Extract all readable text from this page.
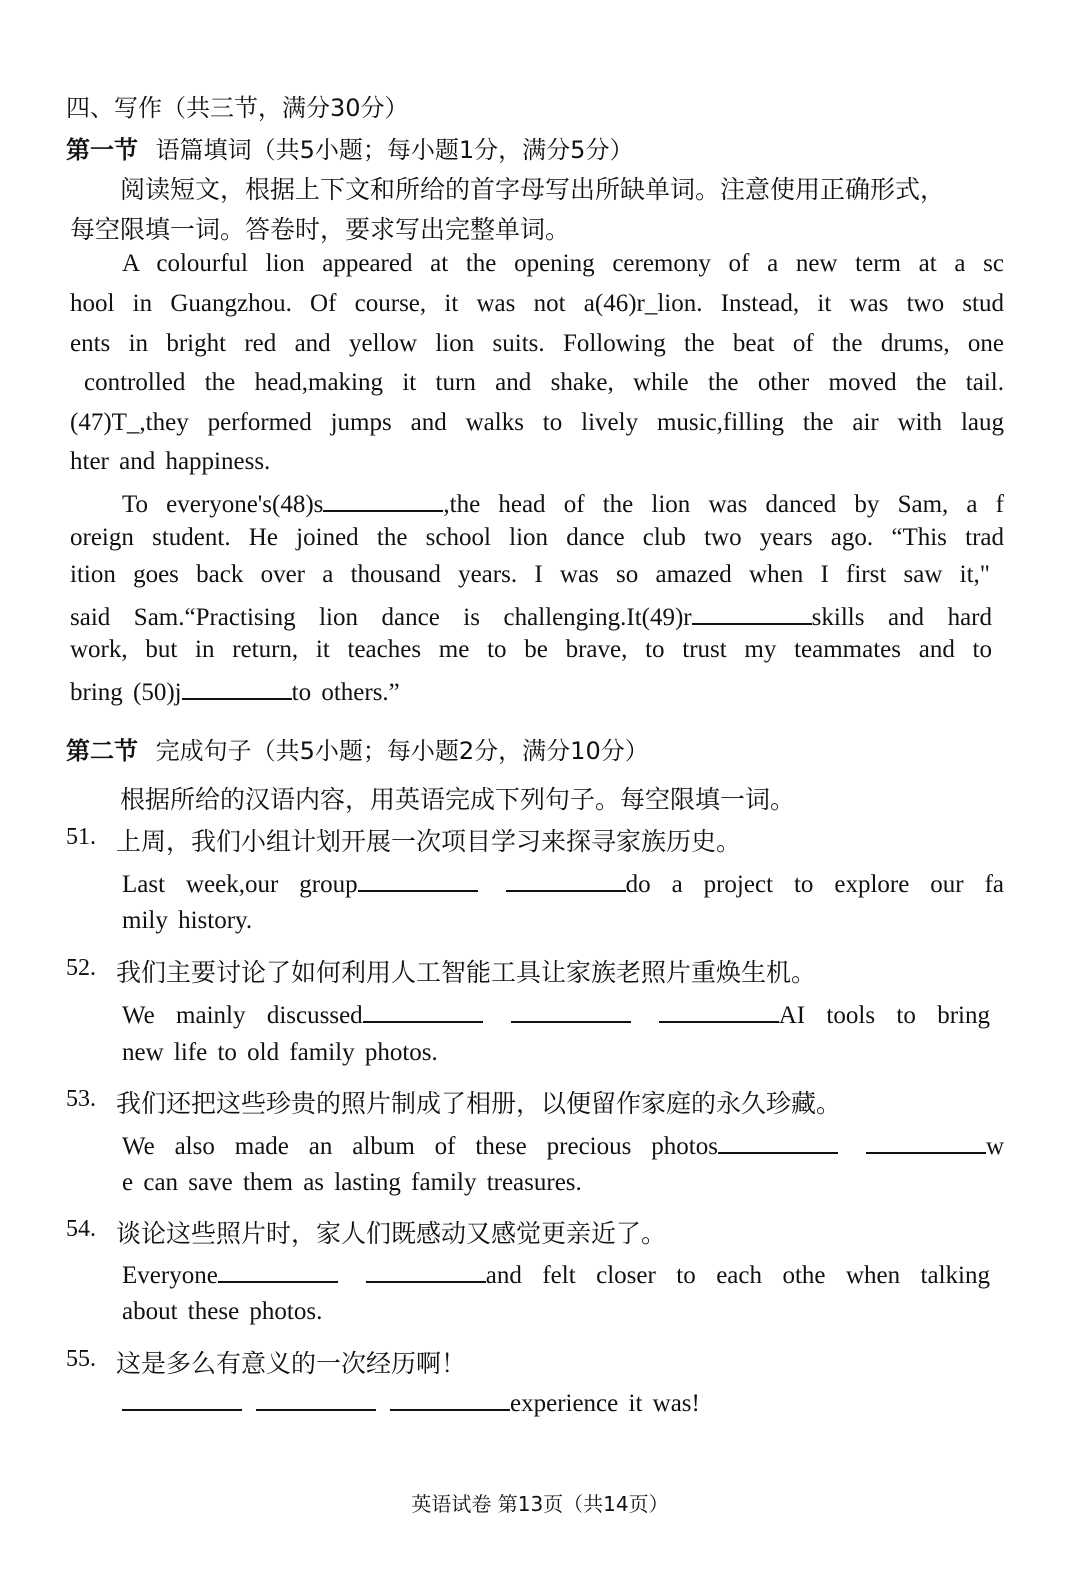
四、写作（共三节，满分30分）
第一节 语篇填词（共5小题；每小题1分，满分5分）
阅读短文，根据上下文和所给的首字母写出所缺单词。注意使用正确形式，
每空限填一词。答卷时，要求写出完整单词。
A colourful lion appeared at the opening ceremony of a new term at a sc
hool in Guangzhou. Of course, it was not a(46)r_lion. Instead, it was two stud
ents in bright red and yellow lion suits. Following the beat of the drums, one
controlled the head,making it turn and shake, while the other moved the tail.
(47)T_,they performed jumps and walks to lively music,filling the air with laug
hter and happiness.
To everyone's(48)s	,the head of the lion was danced by Sam, a f
oreign student. He joined the school lion dance club two years ago. “This trad
ition goes back over a thousand years. I was so amazed when I first saw it,"
said Sam.“Practising lion dance is challenging.It(49)r	skills and hard
work, but in return, it teaches me to be brave, to trust my teammates and to
bring (50)j	to others.”
第二节 完成句子（共5小题；每小题2分，满分10分）
根据所给的汉语内容，用英语完成下列句子。每空限填一词。
51. 上周，我们小组计划开展一次项目学习来探寻家族历史。
Last week,our group	do a project to explore our fa
mily history.
52. 我们主要讨论了如何利用人工智能工具让家族老照片重焕生机。
We mainly discussed	AI tools to bring
new life to old family photos.
53. 我们还把这些珍贵的照片制成了相册，以便留作家庭的永久珍藏。
We also made an album of these precious photos	w
e can save them as lasting family treasures.
54. 谈论这些照片时，家人们既感动又感觉更亲近了。
Everyone	and felt closer to each othe when talking
about these photos.
55. 这是多么有意义的一次经历啊！
experience it was!
英语试卷 第13页（共14页）
